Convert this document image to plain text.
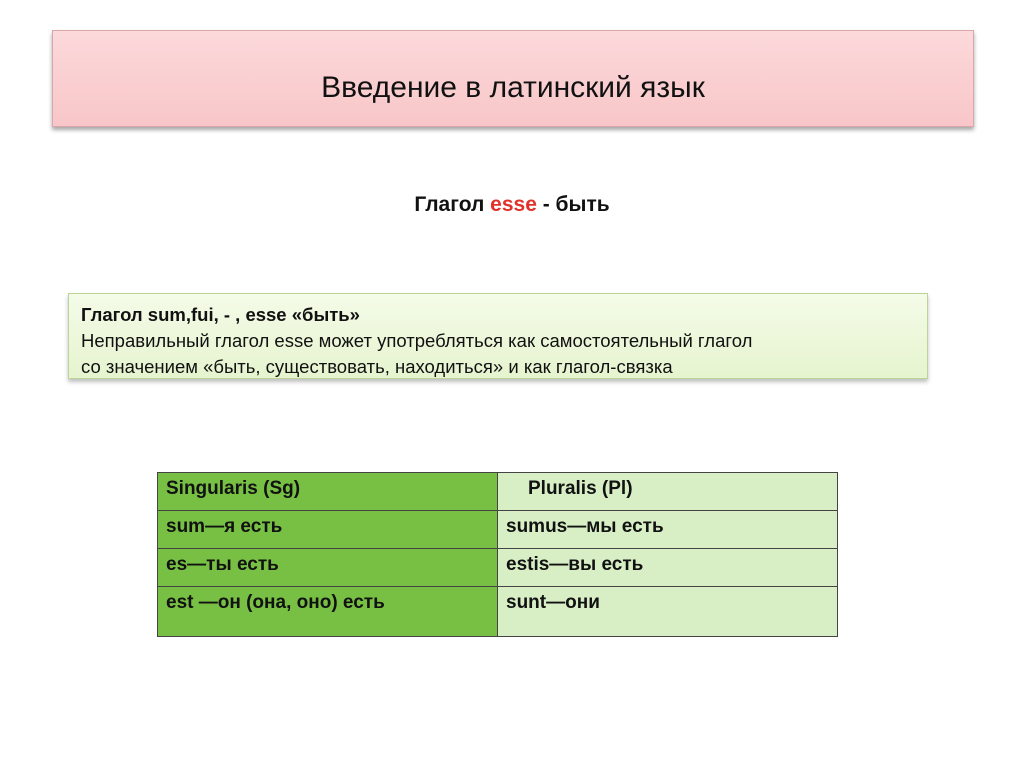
Введение в латинский язык
Глагол esse - быть
Глагол sum,fui, - , esse «быть»
Неправильный глагол esse может употребляться как самостоятельный глагол
со значением «быть, существовать, находиться» и как глагол-связка
Singularis (Sg)	Pluralis (Pl)
sum—я есть	sumus—мы есть
es—ты есть	estis—вы есть
est —он (она, оно) есть	sunt—они
